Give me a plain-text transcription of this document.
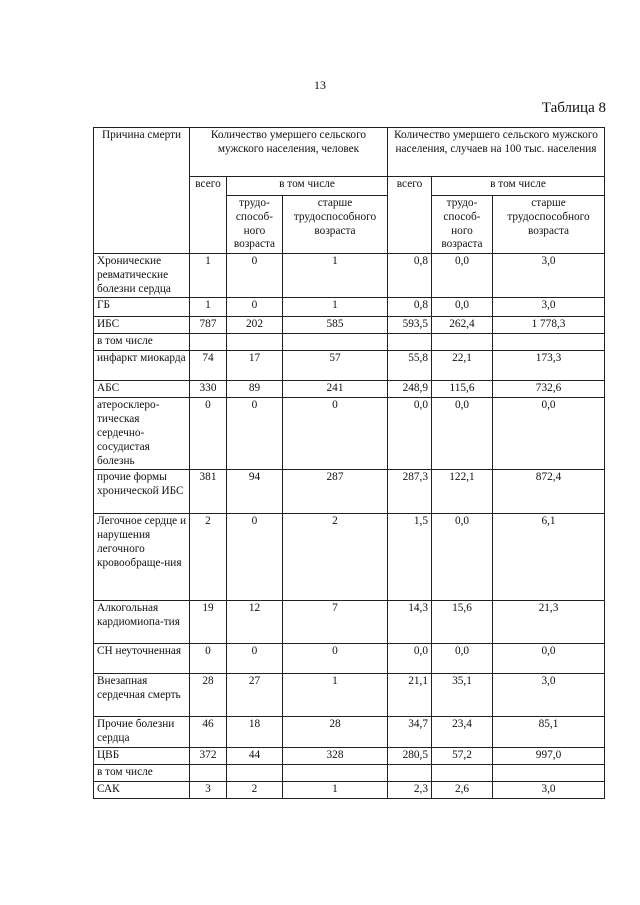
13
Таблица 8
Причина смерти	Количество умершего сельского мужского населения, человек			Количество умершего сельского мужского населения, случаев на 100 тыс. населения		
	всего	в том числе		всего	в том числе	
		трудо-способ-ного возраста	старше трудоспособного возраста		трудо-способ-ного возраста	старше трудоспособного возраста
Хронические ревматические болезни сердца	1	0	1	0,8	0,0	3,0
ГБ	1	0	1	0,8	0,0	3,0
ИБС	787	202	585	593,5	262,4	1 778,3
в том числе						
инфаркт миокарда	74	17	57	55,8	22,1	173,3
АБС	330	89	241	248,9	115,6	732,6
атеросклеро-тическая сердечно-сосудистая болезнь	0	0	0	0,0	0,0	0,0
прочие формы хронической ИБС	381	94	287	287,3	122,1	872,4
Легочное сердце и нарушения легочного кровообраще-ния	2	0	2	1,5	0,0	6,1
Алкогольная кардиомиопа-тия	19	12	7	14,3	15,6	21,3
СН неуточненная	0	0	0	0,0	0,0	0,0
Внезапная сердечная смерть	28	27	1	21,1	35,1	3,0
Прочие болезни сердца	46	18	28	34,7	23,4	85,1
ЦВБ	372	44	328	280,5	57,2	997,0
в том числе						
САК	3	2	1	2,3	2,6	3,0
